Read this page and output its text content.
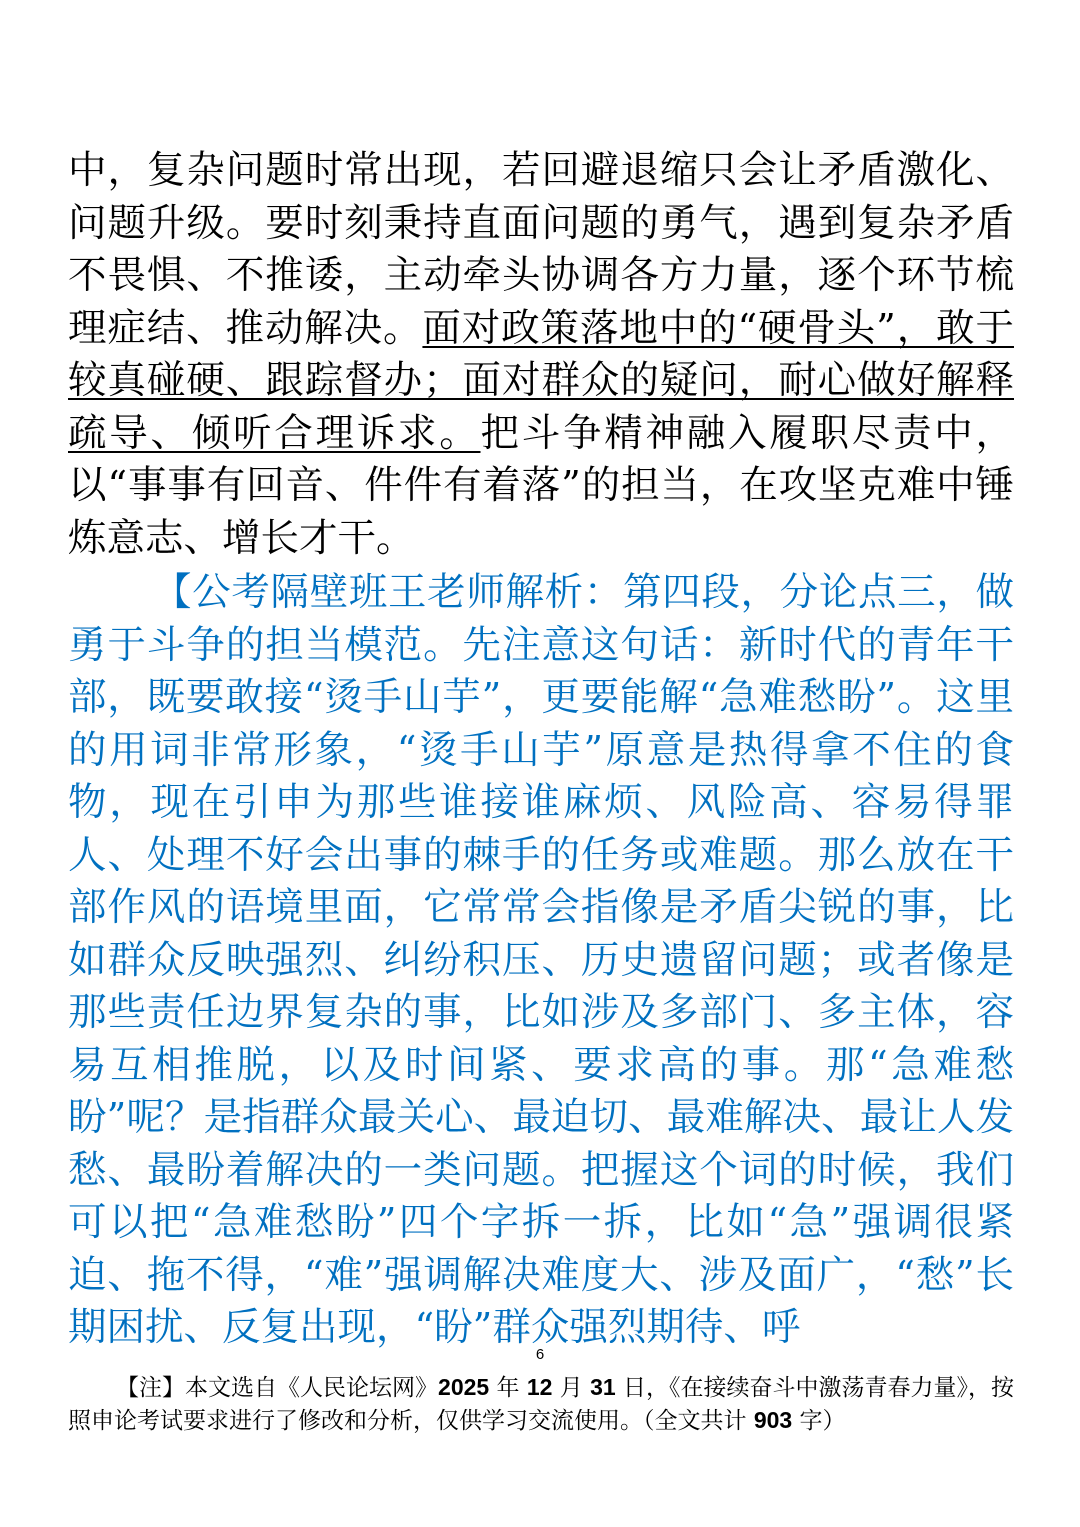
中，复杂问题时常出现，若回避退缩只会让矛盾激化、问题升级。要时刻秉持直面问题的勇气，遇到复杂矛盾不畏惧、不推诿，主动牵头协调各方力量，逐个环节梳理症结、推动解决。面对政策落地中的“硬骨头”，敢于较真碰硬、跟踪督办；面对群众的疑问，耐心做好解释疏导、倾听合理诉求。把斗争精神融入履职尽责中，以“事事有回音、件件有着落”的担当，在攻坚克难中锤炼意志、增长才干。

【公考隔壁班王老师解析：第四段，分论点三，做勇于斗争的担当模范。先注意这句话：新时代的青年干部，既要敢接“烫手山芋”，更要能解“急难愁盼”。这里的用词非常形象，“烫手山芋”原意是热得拿不住的食物，现在引申为那些谁接谁麻烦、风险高、容易得罪人、处理不好会出事的棘手的任务或难题。那么放在干部作风的语境里面，它常常会指像是矛盾尖锐的事，比如群众反映强烈、纠纷积压、历史遗留问题；或者像是那些责任边界复杂的事，比如涉及多部门、多主体，容易互相推脱，以及时间紧、要求高的事。那“急难愁盼”呢？是指群众最关心、最迫切、最难解决、最让人发愁、最盼着解决的一类问题。把握这个词的时候，我们可以把“急难愁盼”四个字拆一拆，比如“急”强调很紧迫、拖不得，“难”强调解决难度大、涉及面广，“愁”长期困扰、反复出现，“盼”群众强烈期待、呼

6

【注】本文选自《人民论坛网》2025 年 12 月 31 日，《在接续奋斗中激荡青春力量》，按照申论考试要求进行了修改和分析，仅供学习交流使用。（全文共计 903 字）
